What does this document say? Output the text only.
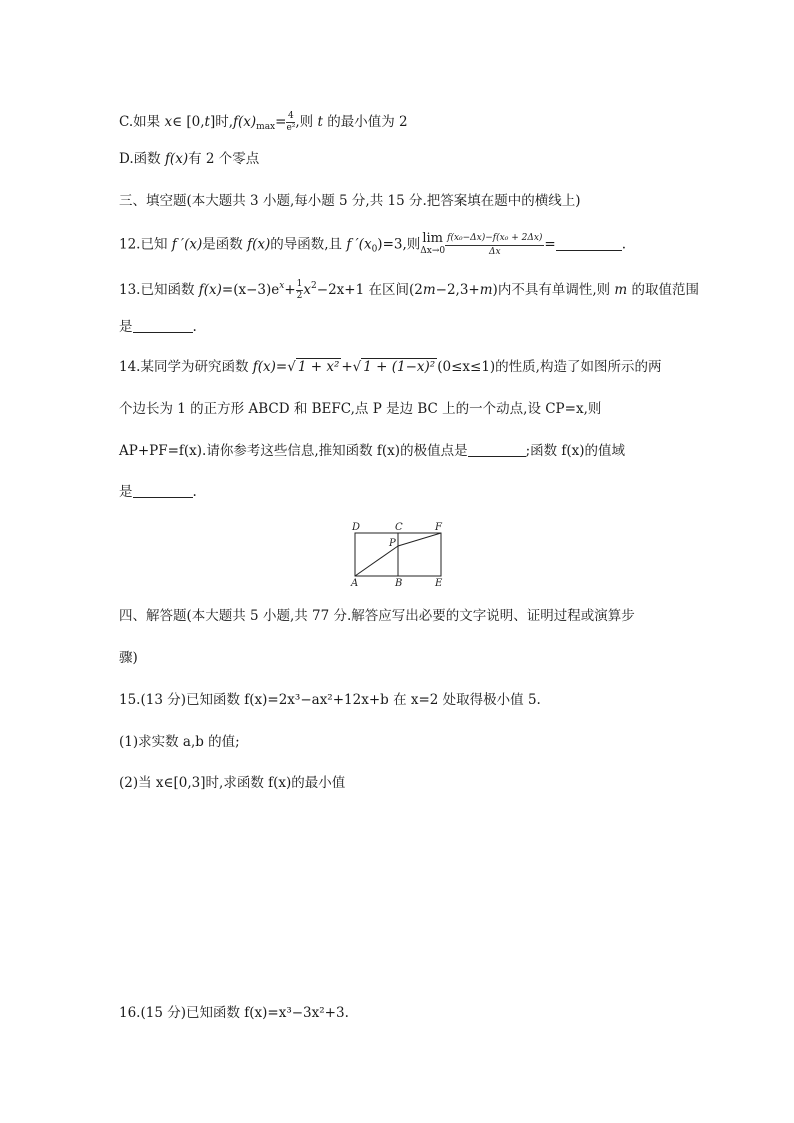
C.如果 x∈ [0,t]时$,f(x)_{max}= \frac{4}{\text{e²}}$ ,则 t 的最小值为 2
D.函数 f(x)有 2 个零点
三、填空题(本大题共 3 小题,每小题 5 分,共 15 分.把答案填在题中的横线上)
12.已知 f ′(x)是函数 f(x)的导函数,且 f $'(x_0)=3$,则 lim
$\Delta x\to 0 \frac{\text{f(x₀−Δx)−f(x₀ + 2Δx)}}{\Delta x}$ =	.
13.已知函数 $f(x)=(x-3)e^x+ \frac{1}{2} x^2-2x+1$ 在区间(2m−2,3+m)内不具有单调性,则 m 的取值范围
是	.
14.某同学为研究函数 f(x)=√ 1 + x² +√ 1 + (1−x)² (0≤x≤1)的性质,构造了如图所示的两
个边长为 1 的正方形 ABCD 和 BEFC,点 P 是边 BC 上的一个动点,设 CP=x,则
AP+PF=f(x).请你参考这些信息,推知函数 f(x)的极值点是	;函数 f(x)的值域
是	.
D	C	F
P
A	B	E
四、解答题(本大题共 5 小题,共 77 分.解答应写出必要的文字说明、证明过程或演算步
骤)
15.(13 分)已知函数 f(x)=2x³−ax²+12x+b 在 x=2 处取得极小值 5.
(1)求实数 a,b 的值;
(2)当 x∈[0,3]时,求函数 f(x)的最小值
16.(15 分)已知函数 f(x)=x³−3x²+3.
